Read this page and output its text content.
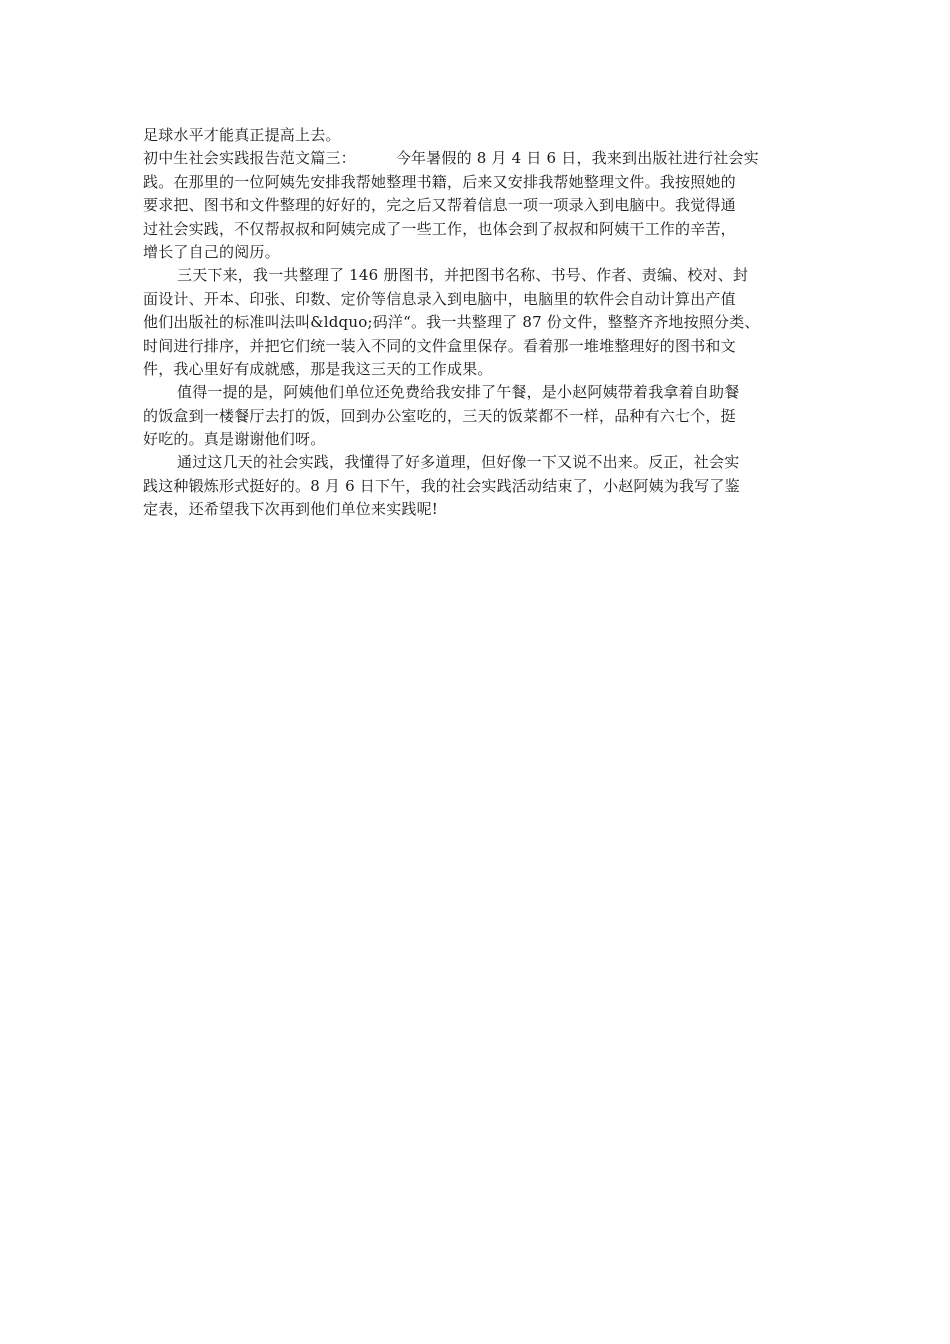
足球水平才能真正提高上去。
初中生社会实践报告范文篇三：	今年暑假的 8 月 4 日 6 日，我来到出版社进行社会实
践。在那里的一位阿姨先安排我帮她整理书籍，后来又安排我帮她整理文件。我按照她的
要求把、图书和文件整理的好好的，完之后又帮着信息一项一项录入到电脑中。我觉得通
过社会实践，不仅帮叔叔和阿姨完成了一些工作，也体会到了叔叔和阿姨干工作的辛苦，
增长了自己的阅历。
三天下来，我一共整理了 146 册图书，并把图书名称、书号、作者、责编、校对、封
面设计、开本、印张、印数、定价等信息录入到电脑中，电脑里的软件会自动计算出产值
他们出版社的标准叫法叫&ldquo;码洋“。我一共整理了 87 份文件，整整齐齐地按照分类、
时间进行排序，并把它们统一装入不同的文件盒里保存。看着那一堆堆整理好的图书和文
件，我心里好有成就感，那是我这三天的工作成果。
值得一提的是，阿姨他们单位还免费给我安排了午餐，是小赵阿姨带着我拿着自助餐
的饭盒到一楼餐厅去打的饭，回到办公室吃的，三天的饭菜都不一样，品种有六七个，挺
好吃的。真是谢谢他们呀。
通过这几天的社会实践，我懂得了好多道理，但好像一下又说不出来。反正，社会实
践这种锻炼形式挺好的。8 月 6 日下午，我的社会实践活动结束了，小赵阿姨为我写了鉴
定表，还希望我下次再到他们单位来实践呢!
